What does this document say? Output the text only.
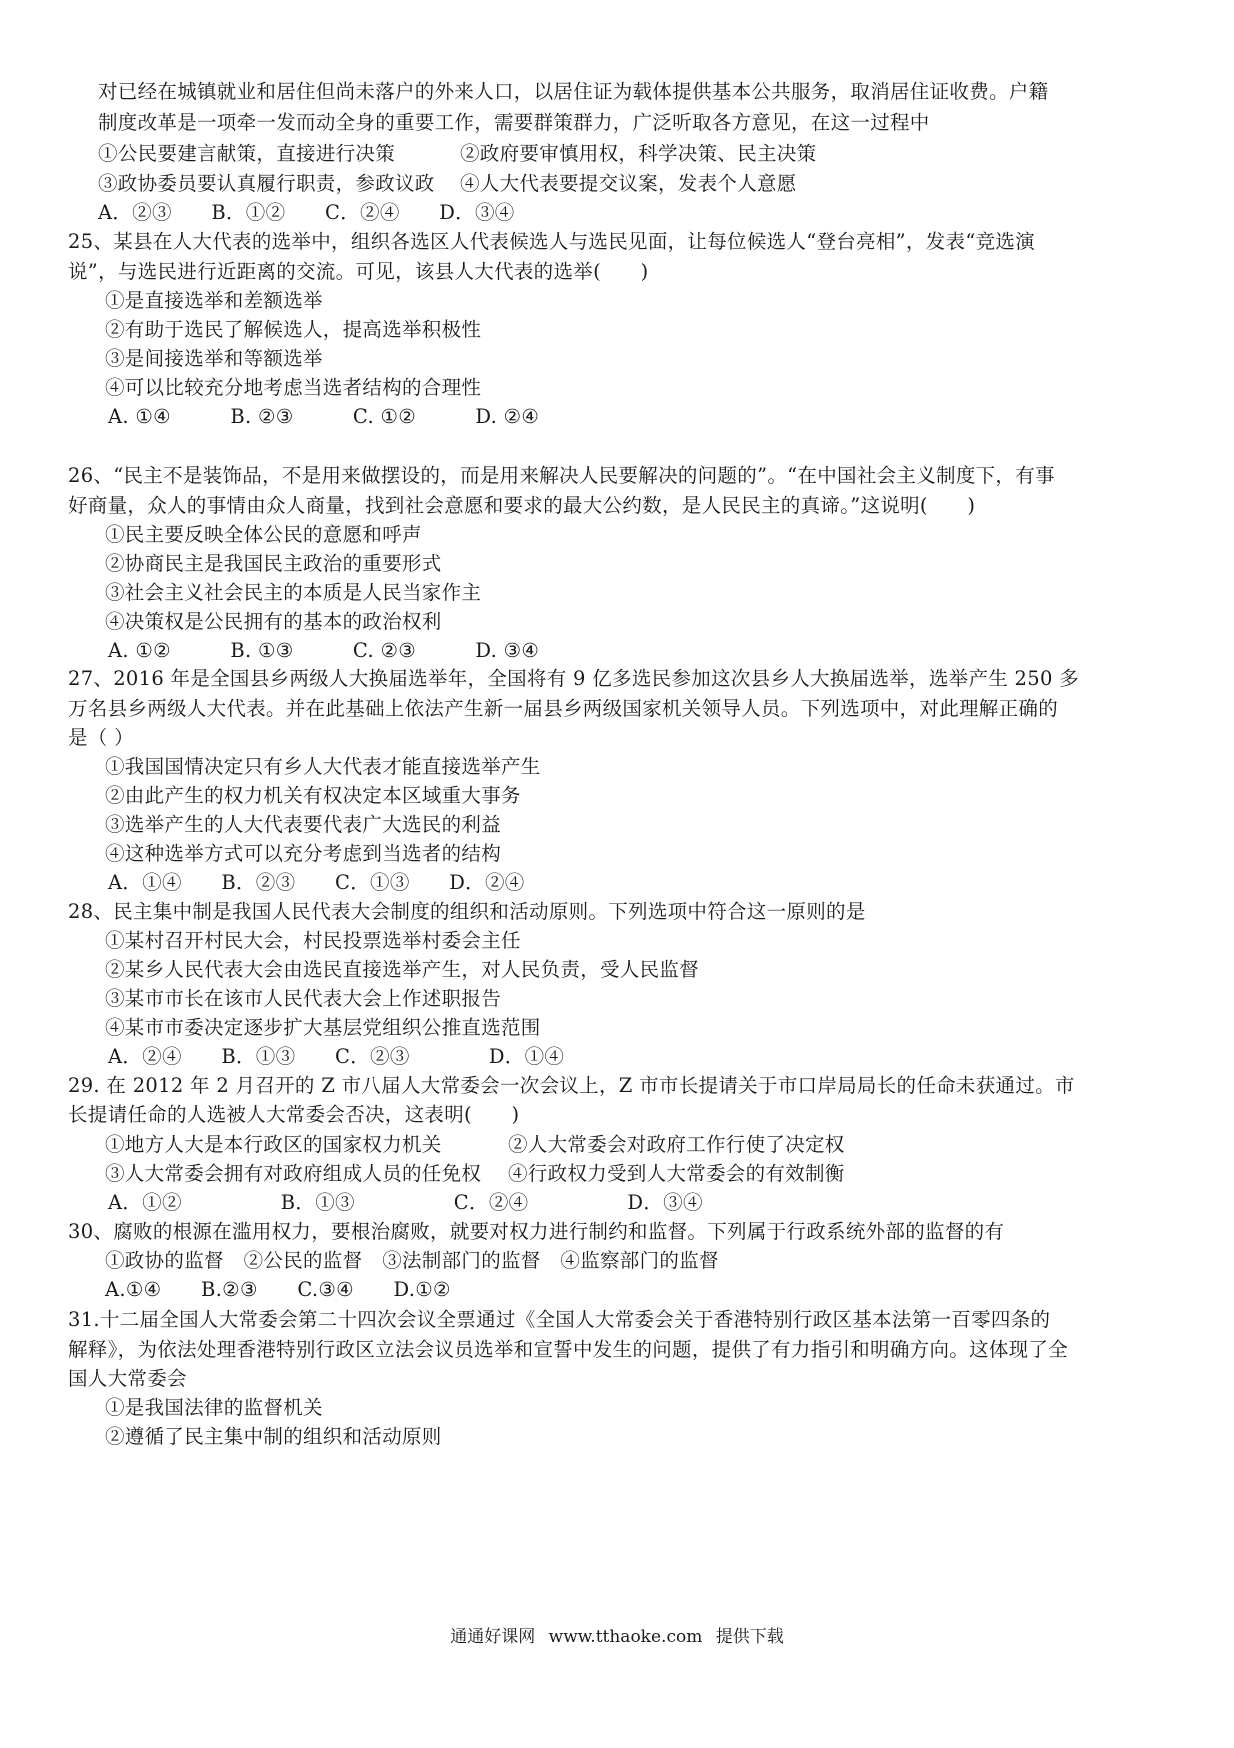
对已经在城镇就业和居住但尚未落户的外来人口，以居住证为载体提供基本公共服务，取消居住证收费。户籍
制度改革是一项牵一发而动全身的重要工作，需要群策群力，广泛听取各方意见，在这一过程中
①公民要建言献策，直接进行决策	②政府要审慎用权，科学决策、民主决策
③政协委员要认真履行职责，参政议政 ④人大代表要提交议案，发表个人意愿
A．②③　　B．①②　　C．②④　　D．③④
25、某县在人大代表的选举中，组织各选区人代表候选人与选民见面，让每位候选人“登台亮相”，发表“竞选演
说”，与选民进行近距离的交流。可见，该县人大代表的选举(　　)
①是直接选举和差额选举
②有助于选民了解候选人，提高选举积极性
③是间接选举和等额选举
④可以比较充分地考虑当选者结构的合理性
A. ①④　　　B. ②③　　　C. ①②　　　D. ②④
26、“民主不是装饰品，不是用来做摆设的，而是用来解决人民要解决的问题的”。“在中国社会主义制度下，有事
好商量，众人的事情由众人商量，找到社会意愿和要求的最大公约数，是人民民主的真谛。”这说明(　　)
①民主要反映全体公民的意愿和呼声
②协商民主是我国民主政治的重要形式
③社会主义社会民主的本质是人民当家作主
④决策权是公民拥有的基本的政治权利
A. ①②　　　B. ①③　　　C. ②③　　　D. ③④
27、2016 年是全国县乡两级人大换届选举年，全国将有 9 亿多选民参加这次县乡人大换届选举，选举产生 250 多
万名县乡两级人大代表。并在此基础上依法产生新一届县乡两级国家机关领导人员。下列选项中，对此理解正确的
是（ ）
①我国国情决定只有乡人大代表才能直接选举产生
②由此产生的权力机关有权决定本区域重大事务
③选举产生的人大代表要代表广大选民的利益
④这种选举方式可以充分考虑到当选者的结构
A．①④　　B．②③　　C．①③　　D．②④
28、民主集中制是我国人民代表大会制度的组织和活动原则。下列选项中符合这一原则的是
①某村召开村民大会，村民投票选举村委会主任
②某乡人民代表大会由选民直接选举产生，对人民负责，受人民监督
③某市市长在该市人民代表大会上作述职报告
④某市市委决定逐步扩大基层党组织公推直选范围
A．②④　　B．①③　　C．②③　　　　D．①④
29. 在 2012 年 2 月召开的 Z 市八届人大常委会一次会议上，Z 市市长提请关于市口岸局局长的任命未获通过。市
长提请任命的人选被人大常委会否决，这表明(　　)
①地方人大是本行政区的国家权力机关	②人大常委会对政府工作行使了决定权
③人大常委会拥有对政府组成人员的任免权 ④行政权力受到人大常委会的有效制衡
A．①②　　　　　B．①③　　　　　C．②④　　　　　D．③④
30、腐败的根源在滥用权力，要根治腐败，就要对权力进行制约和监督。下列属于行政系统外部的监督的有
①政协的监督　②公民的监督　③法制部门的监督　④监察部门的监督
A.①④　　B.②③　　C.③④　　D.①②
31.十二届全国人大常委会第二十四次会议全票通过《全国人大常委会关于香港特别行政区基本法第一百零四条的
解释》，为依法处理香港特别行政区立法会议员选举和宣誓中发生的问题，提供了有力指引和明确方向。这体现了全
国人大常委会
①是我国法律的监督机关
②遵循了民主集中制的组织和活动原则
通通好课网 www.tthaoke.com 提供下载
